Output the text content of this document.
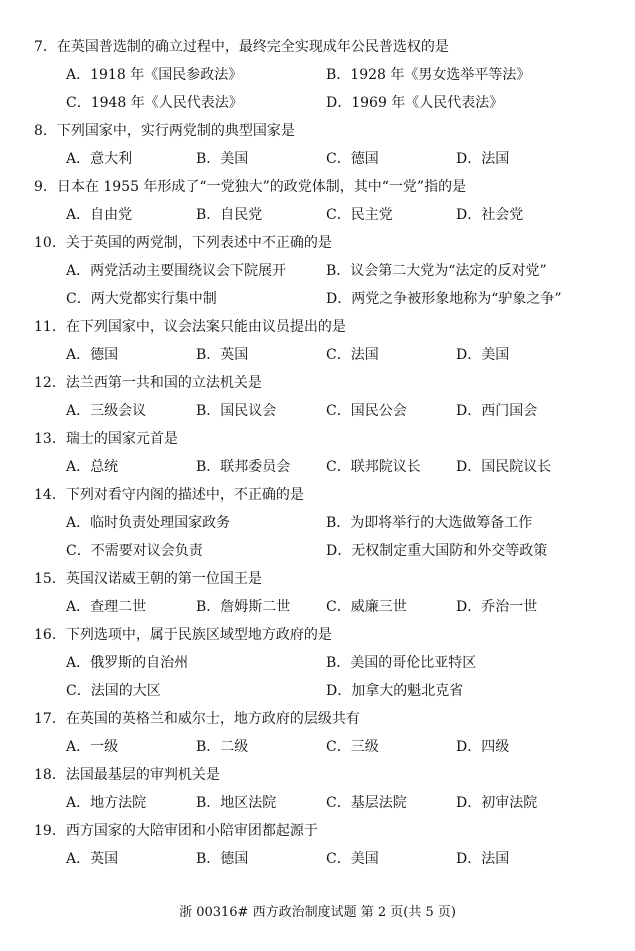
7．在英国普选制的确立过程中，最终完全实现成年公民普选权的是
A．1918 年《国民参政法》	B．1928 年《男女选举平等法》
C．1948 年《人民代表法》	D．1969 年《人民代表法》
8．下列国家中，实行两党制的典型国家是
A．意大利	B．美国	C．德国	D．法国
9．日本在 1955 年形成了“一党独大”的政党体制，其中“一党”指的是
A．自由党	B．自民党	C．民主党	D．社会党
10．关于英国的两党制，下列表述中不正确的是
A．两党活动主要围绕议会下院展开	B．议会第二大党为“法定的反对党”
C．两大党都实行集中制	D．两党之争被形象地称为“驴象之争”
11．在下列国家中，议会法案只能由议员提出的是
A．德国	B．英国	C．法国	D．美国
12．法兰西第一共和国的立法机关是
A．三级会议	B．国民议会	C．国民公会	D．西门国会
13．瑞士的国家元首是
A．总统	B．联邦委员会	C．联邦院议长	D．国民院议长
14．下列对看守内阁的描述中，不正确的是
A．临时负责处理国家政务	B．为即将举行的大选做筹备工作
C．不需要对议会负责	D．无权制定重大国防和外交等政策
15．英国汉诺威王朝的第一位国王是
A．查理二世	B．詹姆斯二世	C．威廉三世	D．乔治一世
16．下列选项中，属于民族区域型地方政府的是
A．俄罗斯的自治州	B．美国的哥伦比亚特区
C．法国的大区	D．加拿大的魁北克省
17．在英国的英格兰和威尔士，地方政府的层级共有
A．一级	B．二级	C．三级	D．四级
18．法国最基层的审判机关是
A．地方法院	B．地区法院	C．基层法院	D．初审法院
19．西方国家的大陪审团和小陪审团都起源于
A．英国	B．德国	C．美国	D．法国
浙 00316# 西方政治制度试题 第 2 页(共 5 页)
